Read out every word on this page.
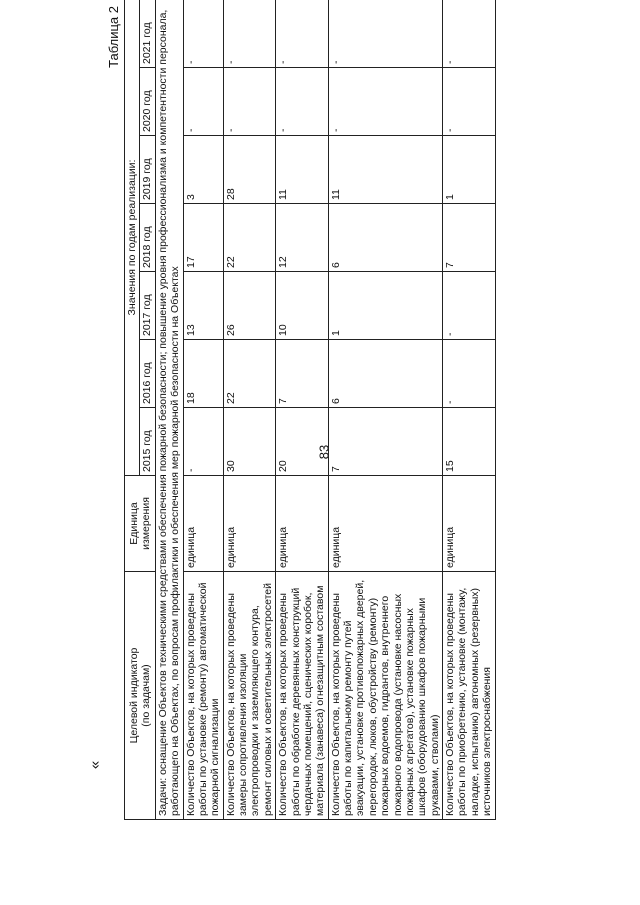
83
«
Таблица 2
Целевой индикатор
(по задачам)	Единица измерения	Значения по годам реализации:						
		2015 год	2016 год	2017 год	2018 год	2019 год	2020 год	2021 год
Задачи: оснащение Объектов техническими средствами обеспечения пожарной безопасности; повышение уровня профессионализма и компетентности персонала, работающего на Объектах, по вопросам профилактики и обеспечения мер пожарной безопасности на Объектах								
Количество Объектов, на которых проведены работы по установке (ремонту) автоматической пожарной сигнализации	единица	-	18	13	17	3	-	-
Количество Объектов, на которых проведены замеры сопротивления изоляции электропроводки и заземляющего контура, ремонт силовых и осветительных электросетей	единица	30	22	26	22	28	-	-
Количество Объектов, на которых проведены работы по обработке деревянных конструкций чердачных помещений, сценических коробок, материала (занавеса) огнезащитным составом	единица	20	7	10	12	11	-	-
Количество Объектов, на которых проведены работы по капитальному ремонту путей эвакуации, установке противопожарных дверей, перегородок, люков, обустройству (ремонту) пожарных водоемов, гидрантов, внутреннего пожарного водопровода (установке насосных пожарных агрегатов), установке пожарных шкафов (оборудованию шкафов пожарными рукавами, стволами)	единица	7	6	1	6	11	-	-
Количество Объектов, на которых проведены работы по приобретению, установке (монтажу, наладке, испытанию) автономных (резервных) источников электроснабжения	единица	15	-	-	7	1	-	-
